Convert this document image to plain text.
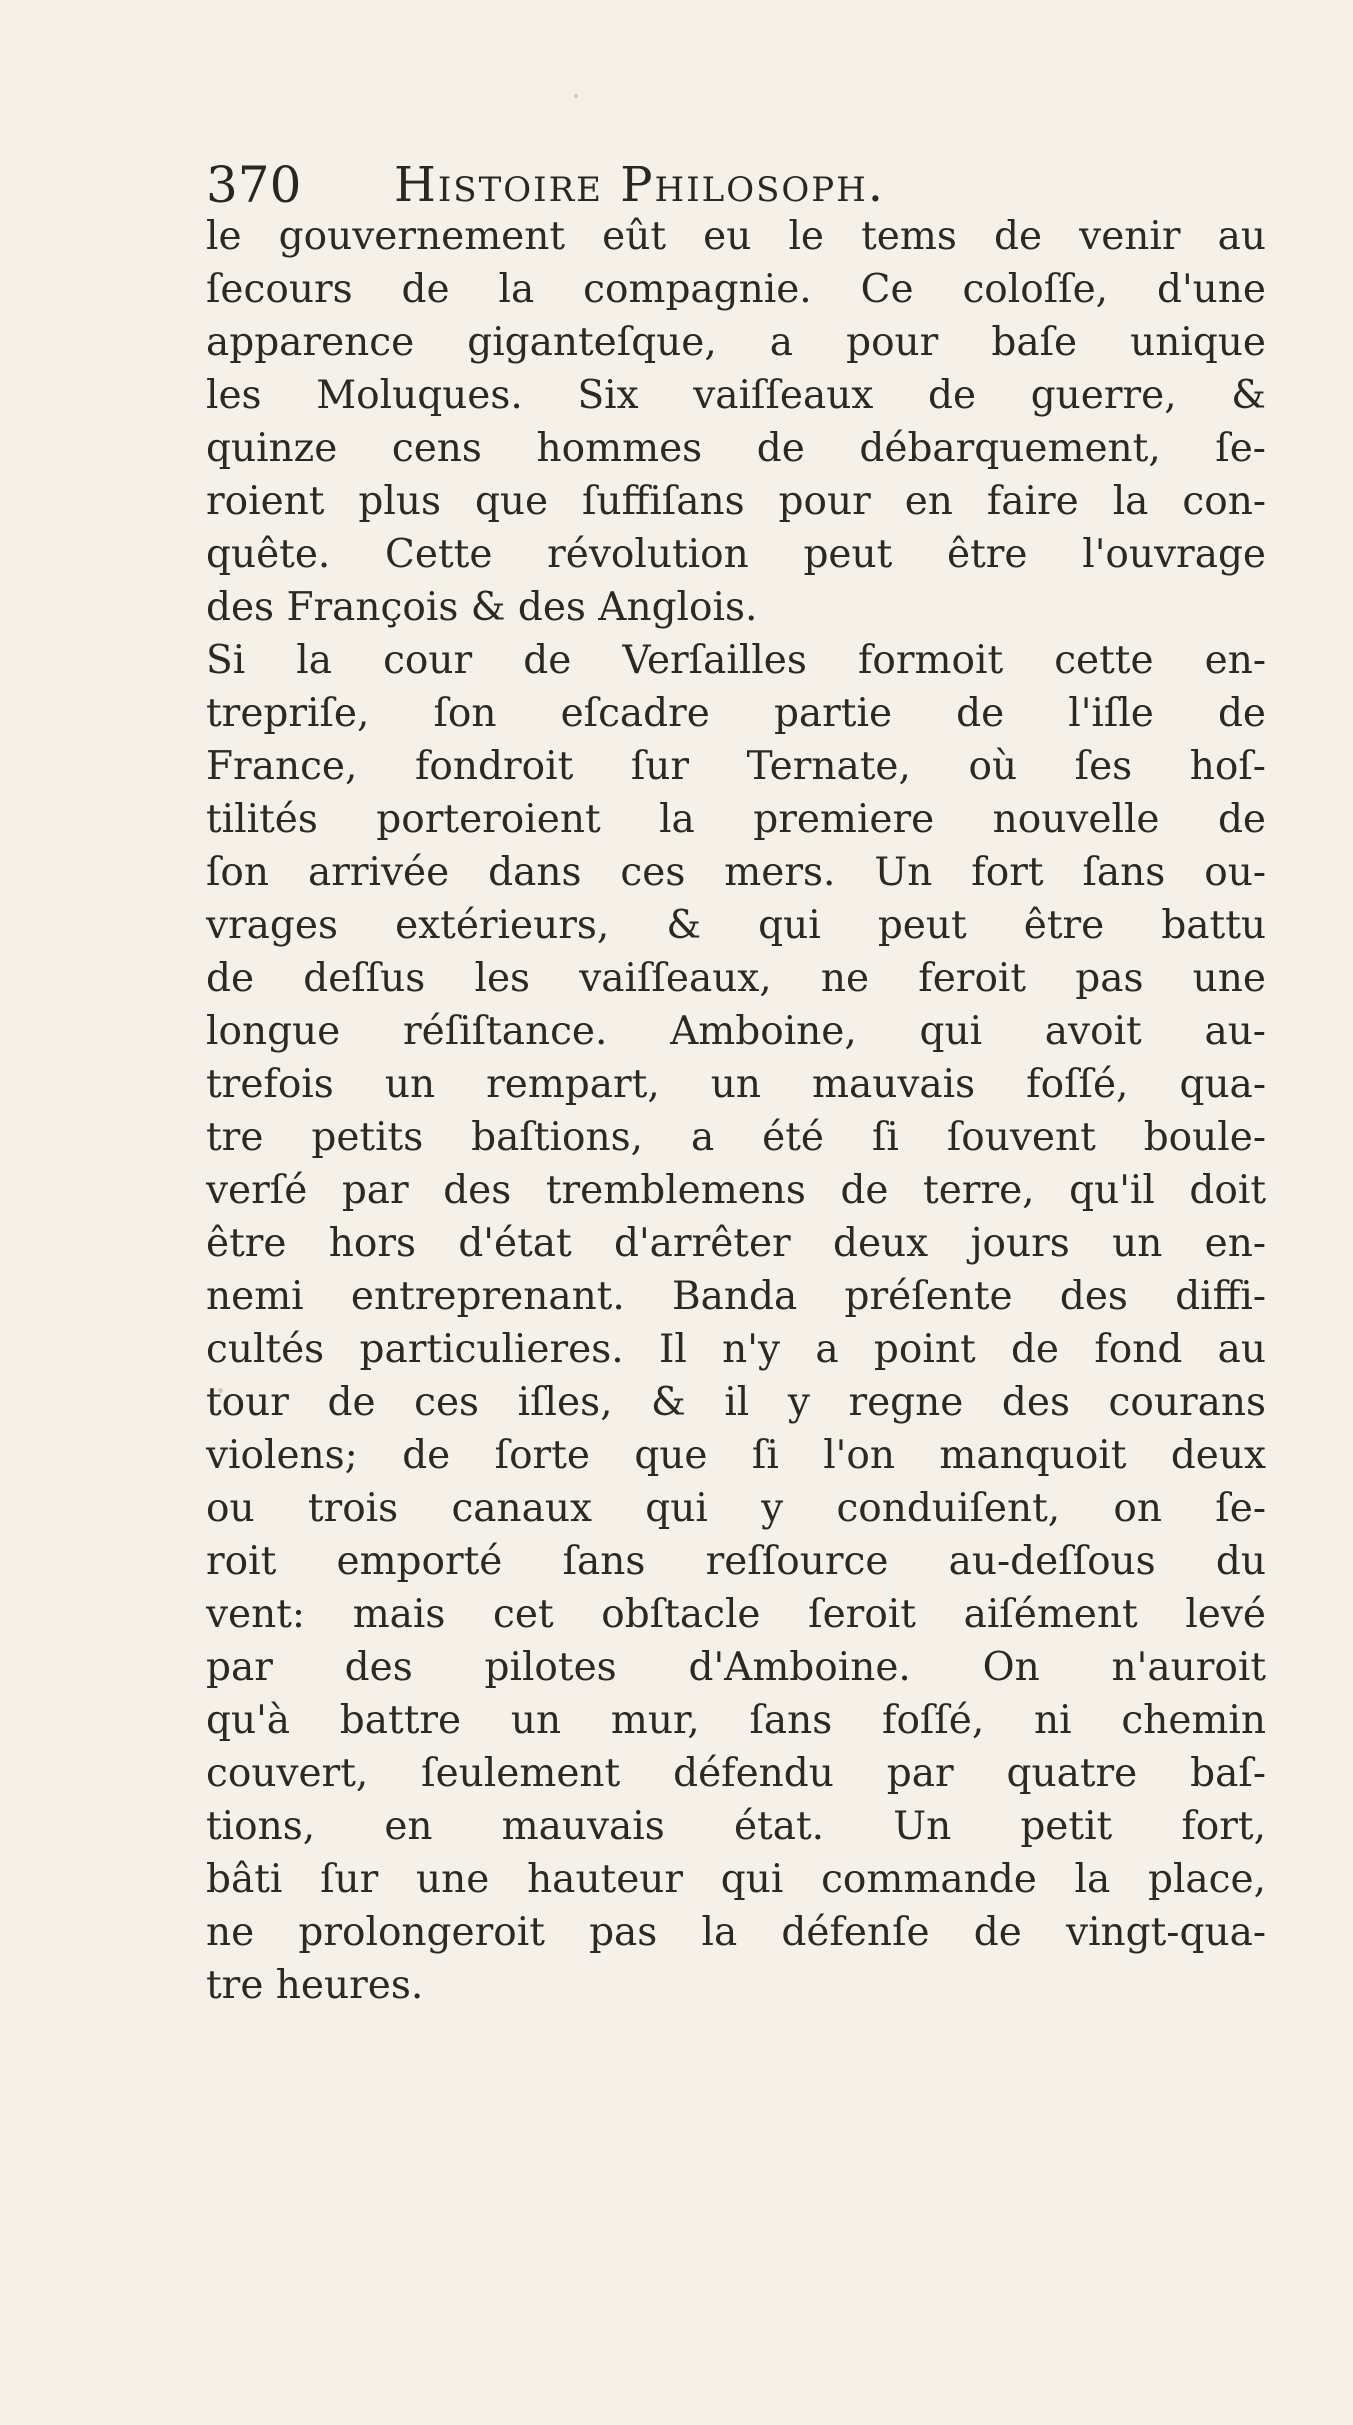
370 Histoire Philosoph.
le gouvernement eût eu le tems de venir au
ſecours de la compagnie. Ce coloſſe, d'une
apparence giganteſque, a pour baſe unique
les Moluques. Six vaiſſeaux de guerre, &
quinze cens hommes de débarquement, ſe-
roient plus que ſuffiſans pour en faire la con-
quête. Cette révolution peut être l'ouvrage
des François & des Anglois.
Si la cour de Verſailles formoit cette en-
trepriſe, ſon eſcadre partie de l'iſle de
France, fondroit ſur Ternate, où ſes hoſ-
tilités porteroient la premiere nouvelle de
ſon arrivée dans ces mers. Un fort ſans ou-
vrages extérieurs, & qui peut être battu
de deſſus les vaiſſeaux, ne feroit pas une
longue réſiſtance. Amboine, qui avoit au-
trefois un rempart, un mauvais foſſé, qua-
tre petits baſtions, a été ſi ſouvent boule-
verſé par des tremblemens de terre, qu'il doit
être hors d'état d'arrêter deux jours un en-
nemi entreprenant. Banda préſente des diffi-
cultés particulieres. Il n'y a point de fond au
tour de ces iſles, & il y regne des courans
violens; de ſorte que ſi l'on manquoit deux
ou trois canaux qui y conduiſent, on ſe-
roit emporté ſans reſſource au-deſſous du
vent: mais cet obſtacle ſeroit aiſément levé
par des pilotes d'Amboine. On n'auroit
qu'à battre un mur, ſans foſſé, ni chemin
couvert, ſeulement défendu par quatre baſ-
tions, en mauvais état. Un petit fort,
bâti ſur une hauteur qui commande la place,
ne prolongeroit pas la défenſe de vingt-qua-
tre heures.
